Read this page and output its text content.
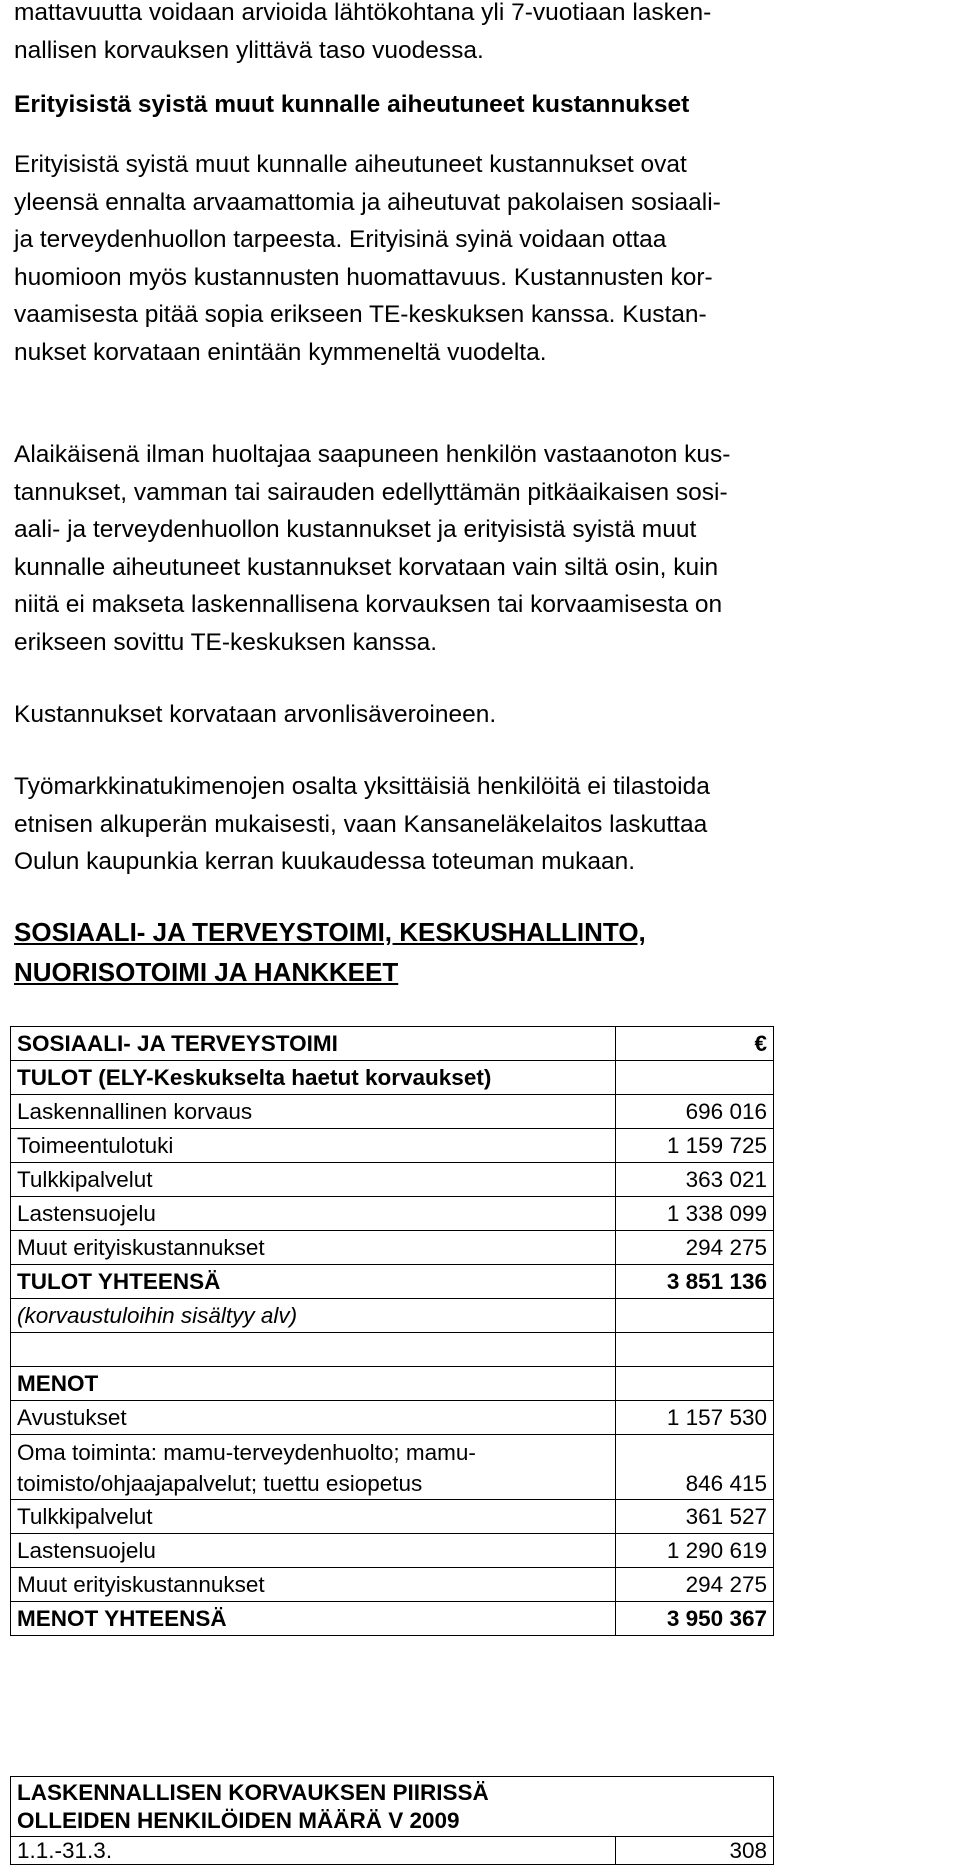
mattavuutta voidaan arvioida lähtökohtana yli 7-vuotiaan lasken-
nallisen korvauksen ylittävä taso vuodessa.

Erityisistä syistä muut kunnalle aiheutuneet kustannukset

Erityisistä syistä muut kunnalle aiheutuneet kustannukset ovat
yleensä ennalta arvaamattomia ja aiheutuvat pakolaisen sosiaali-
ja terveydenhuollon tarpeesta. Erityisinä syinä voidaan ottaa
huomioon myös kustannusten huomattavuus. Kustannusten kor-
vaamisesta pitää sopia erikseen TE-keskuksen kanssa. Kustan-
nukset korvataan enintään kymmeneltä vuodelta.

Alaikäisenä ilman huoltajaa saapuneen henkilön vastaanoton kus-
tannukset, vamman tai sairauden edellyttämän pitkäaikaisen sosi-
aali- ja terveydenhuollon kustannukset ja erityisistä syistä muut
kunnalle aiheutuneet kustannukset korvataan vain siltä osin, kuin
niitä ei makseta laskennallisena korvauksen tai korvaamisesta on
erikseen sovittu TE-keskuksen kanssa.

Kustannukset korvataan arvonlisäveroineen.

Työmarkkinatukimenojen osalta yksittäisiä henkilöitä ei tilastoida
etnisen alkuperän mukaisesti, vaan Kansaneläkelaitos laskuttaa
Oulun kaupunkia kerran kuukaudessa toteuman mukaan.

SOSIAALI- JA TERVEYSTOIMI, KESKUSHALLINTO,
NUORISOTOIMI JA HANKKEET

SOSIAALI- JA TERVEYSTOIMI	€
TULOT (ELY-Keskukselta haetut korvaukset)	
Laskennallinen korvaus	696 016
Toimeentulotuki	1 159 725
Tulkkipalvelut	363 021
Lastensuojelu	1 338 099
Muut erityiskustannukset	294 275
TULOT YHTEENSÄ	3 851 136
(korvaustuloihin sisältyy alv)	

MENOT	
Avustukset	1 157 530

Oma toiminta: mamu-terveydenhuolto; mamu-
toimisto/ohjaajapalvelut; tuettu esiopetus	846 415
Tulkkipalvelut	361 527
Lastensuojelu	1 290 619
Muut erityiskustannukset	294 275
MENOT YHTEENSÄ	3 950 367
LASKENNALLISEN KORVAUKSEN PIIRISSÄ
OLLEIDEN HENKILÖIDEN MÄÄRÄ V 2009

1.1.-31.3.	308
